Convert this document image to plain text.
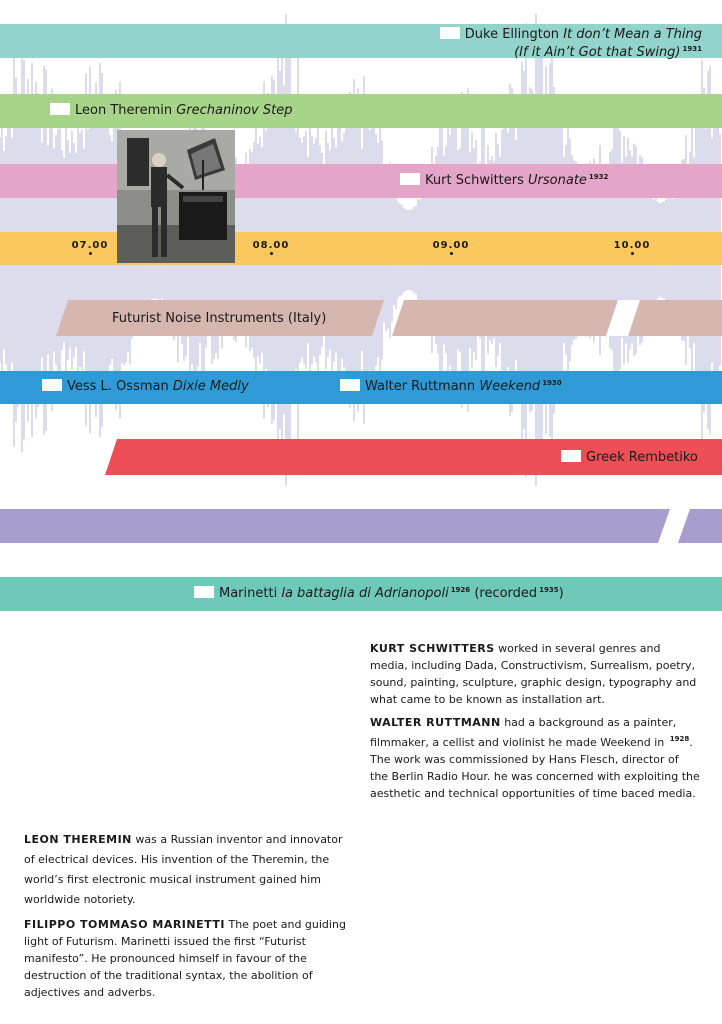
Duke Ellington It don’t Mean a Thing
(If it Ain’t Got that Swing) $^{1931}$
Leon Theremin Grechaninov Step
Kurt Schwitters Ursonate $^{1932}$
07.00	08.00	09.00	10.00
Futurist Noise Instruments (Italy)
Vess L. Ossman Dixie Medly	Walter Ruttmann Weekend $^{1930}$
Greek Rembetiko
Marinetti la battaglia di Adrianopoli $^{1926}$ (recorded $^{1935}$)

KURT SCHWITTERS worked in several genres and media, including Dada, Constructivism, Surrealism, poetry, sound, painting, sculpture, graphic design, typography and what came to be known as installation art.

WALTER RUTTMANN had a background as a painter, filmmaker, a cellist and violinist he made Weekend in $^{1928}$. The work was commissioned by Hans Flesch, director of the Berlin Radio Hour. he was concerned with exploiting the aesthetic and technical opportunities of time baced media.

LEON THEREMIN was a Russian inventor and innovator of electrical devices. His invention of the Theremin, the world’s first electronic musical instrument gained him worldwide notoriety.

FILIPPO TOMMASO MARINETTI The poet and guiding light of Futurism. Marinetti issued the first “Futurist manifesto”. He pronounced himself in favour of the destruction of the traditional syntax, the abolition of adjectives and adverbs.
